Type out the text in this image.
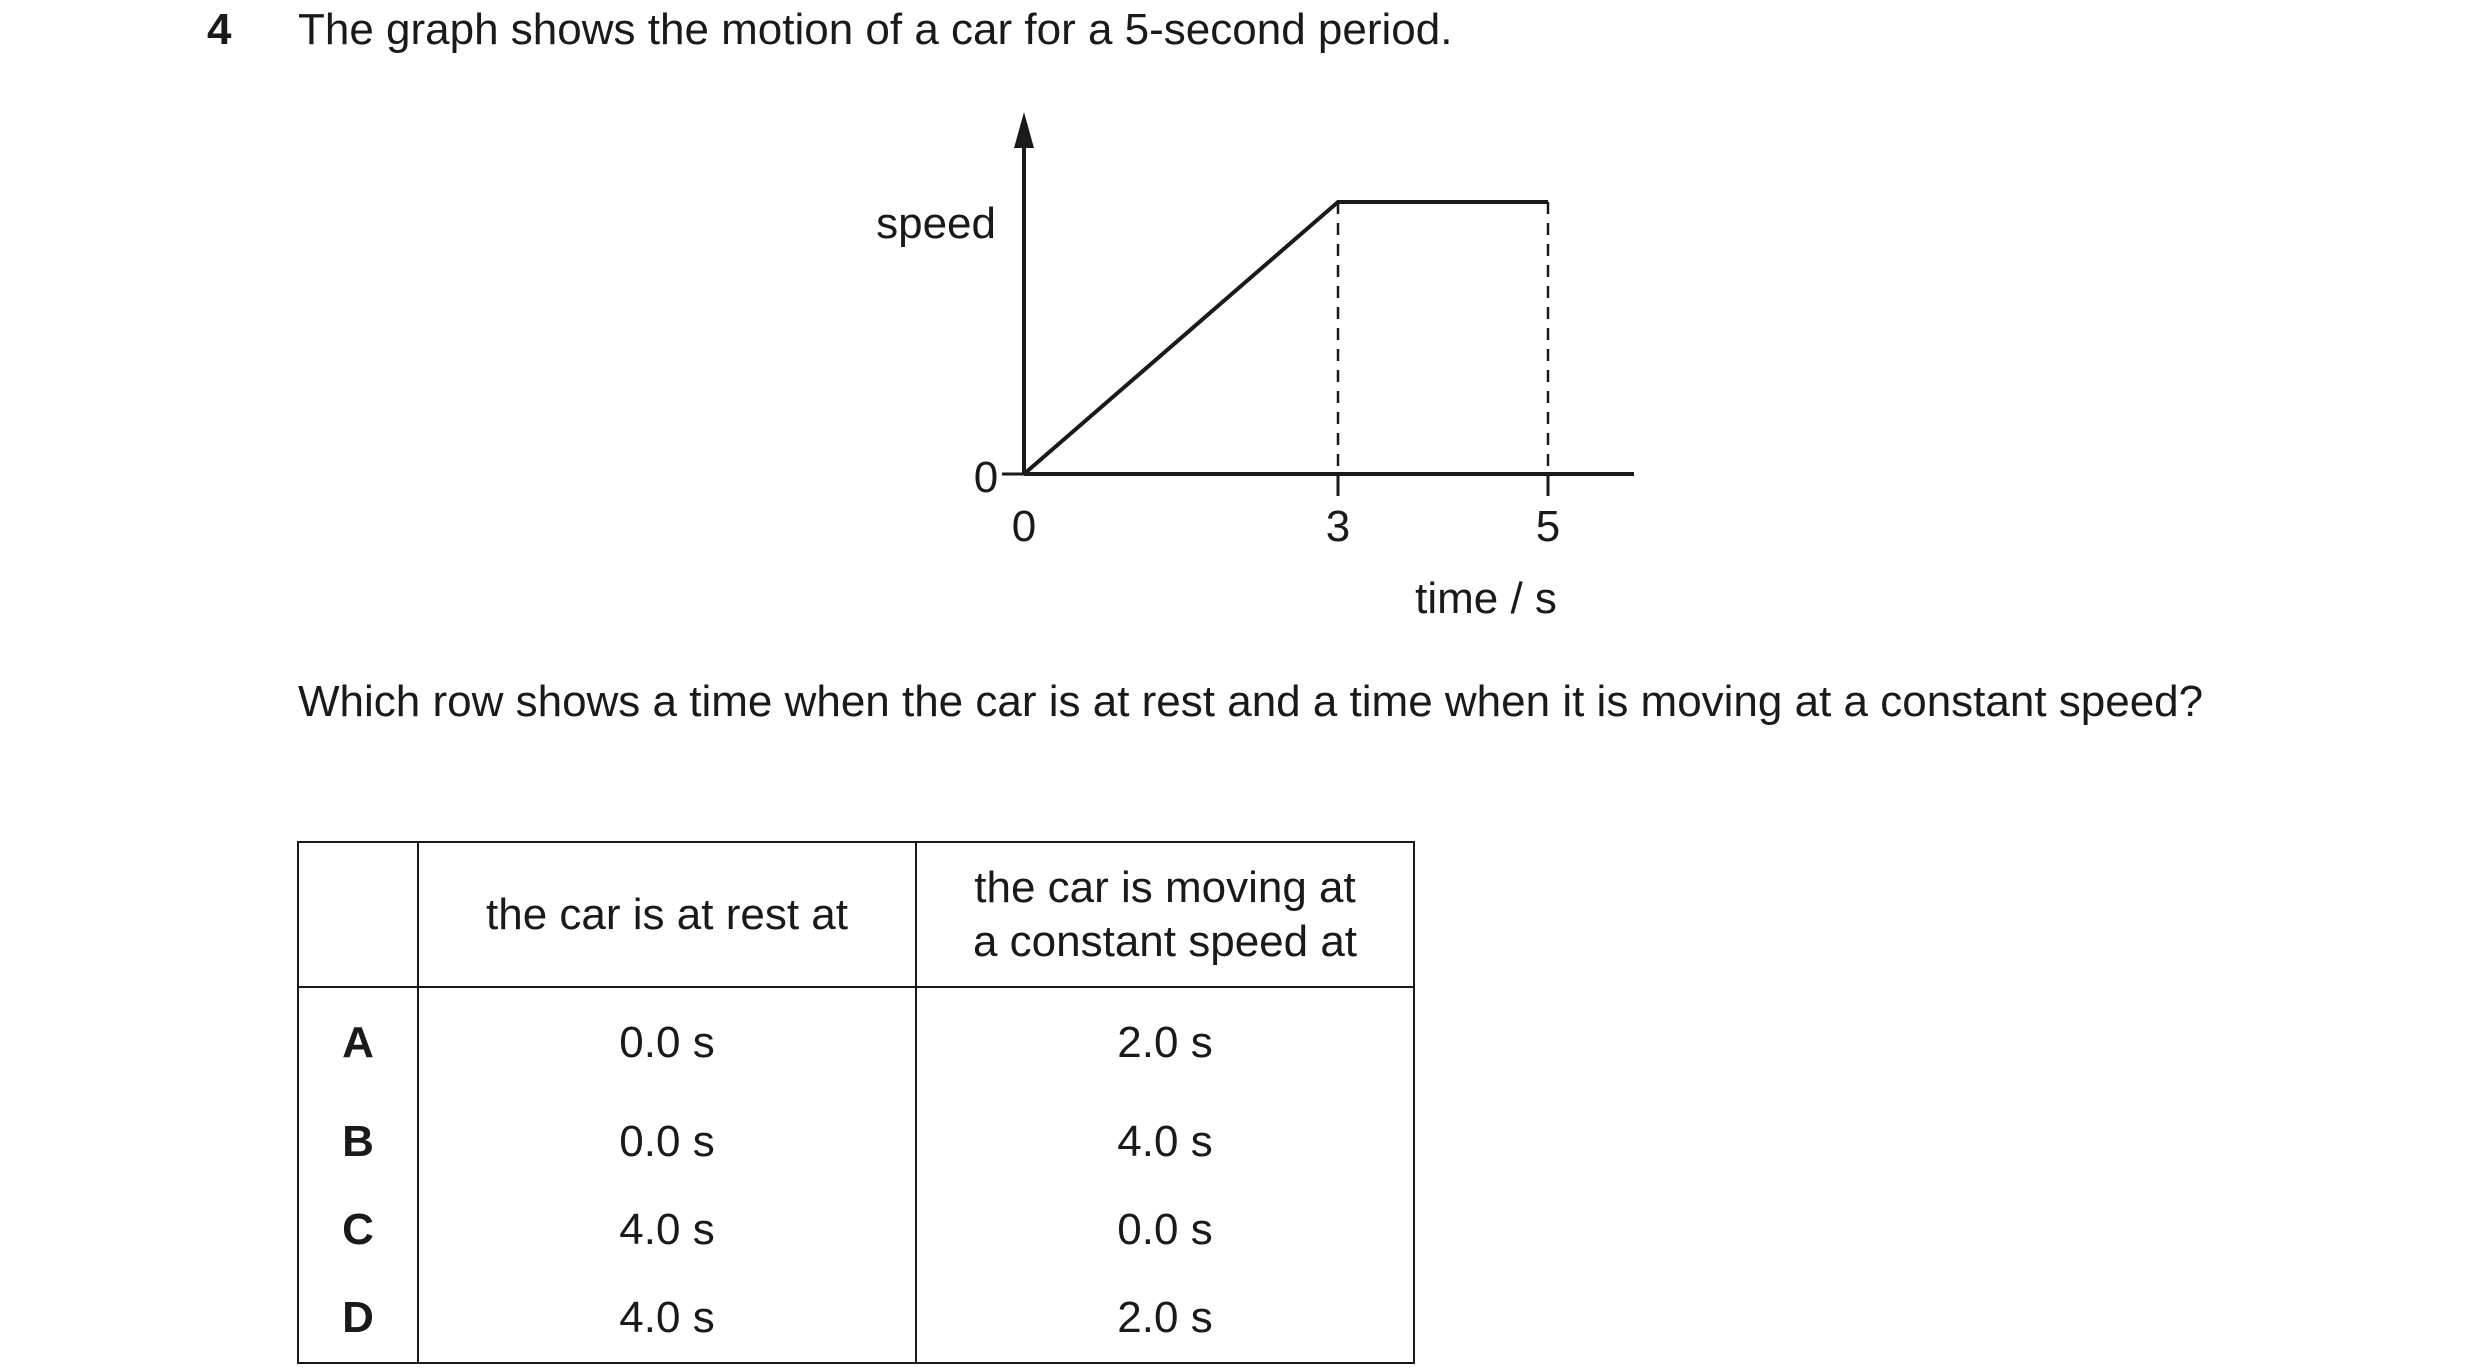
4 The graph shows the motion of a car for a 5-second period.
speed
0
0	3	5
time / s
Which row shows a time when the car is at rest and a time when it is moving at a constant speed?
	the car is at rest at	the car is moving at
a constant speed at
A	0.0 s	2.0 s
B	0.0 s	4.0 s
C	4.0 s	0.0 s
D	4.0 s	2.0 s
